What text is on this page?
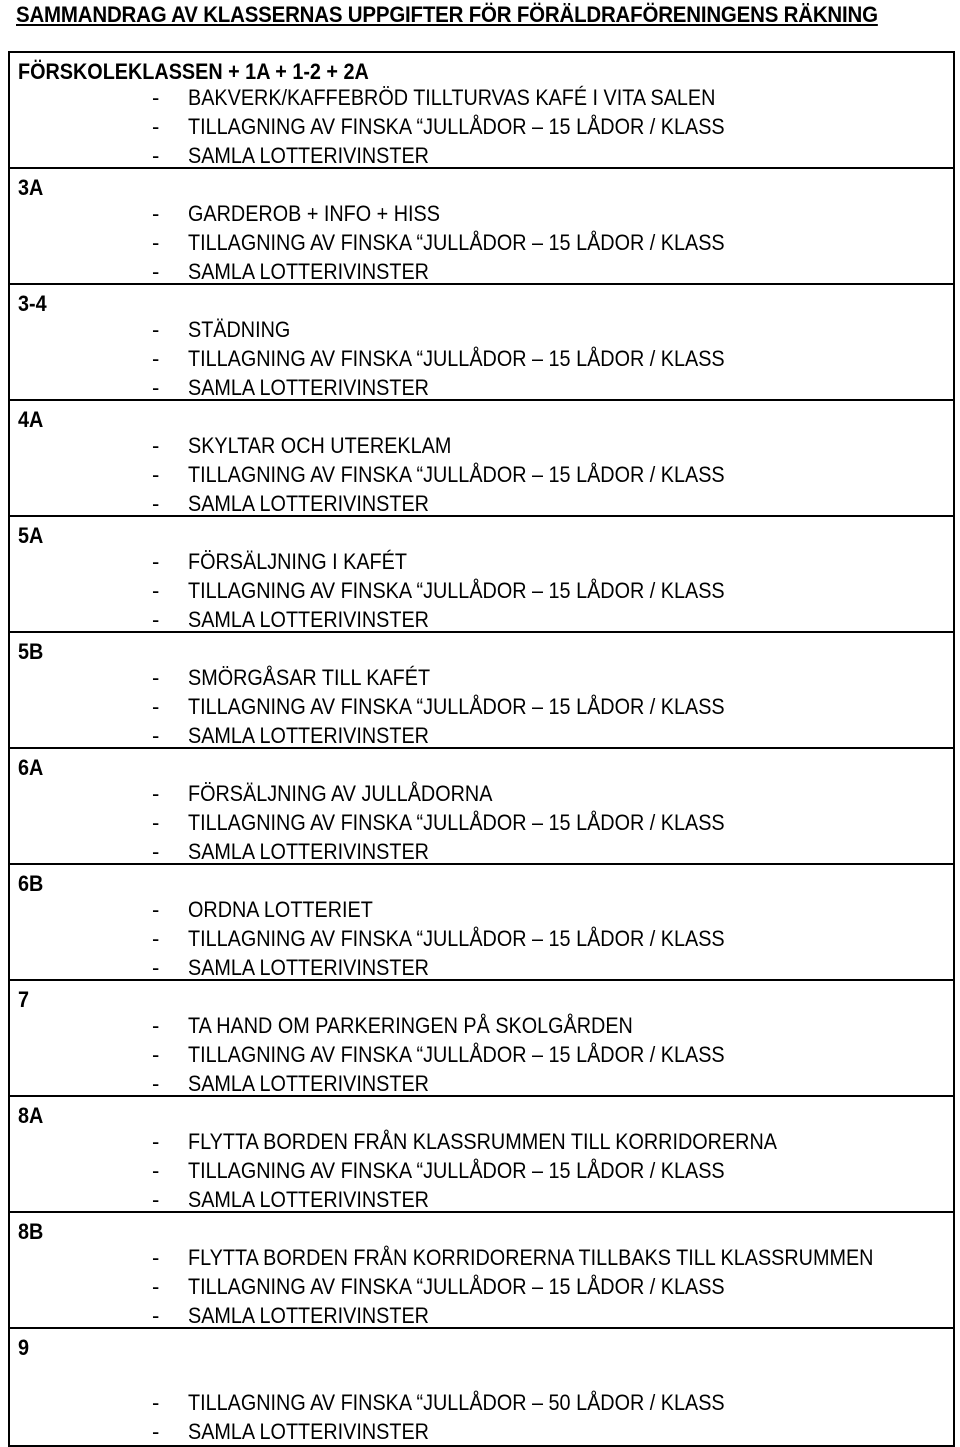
SAMMANDRAG AV KLASSERNAS UPPGIFTER FÖR FÖRÄLDRAFÖRENINGENS RÄKNING
FÖRSKOLEKLASSEN + 1A + 1-2 + 2A
- BAKVERK/KAFFEBRÖD TILLTURVAS KAFÉ I VITA SALEN
- TILLAGNING AV FINSKA “JULLÅDOR – 15 LÅDOR / KLASS
- SAMLA LOTTERIVINSTER
3A
- GARDEROB + INFO + HISS
- TILLAGNING AV FINSKA “JULLÅDOR – 15 LÅDOR / KLASS
- SAMLA LOTTERIVINSTER
3-4
- STÄDNING
- TILLAGNING AV FINSKA “JULLÅDOR – 15 LÅDOR / KLASS
- SAMLA LOTTERIVINSTER
4A
- SKYLTAR OCH UTEREKLAM
- TILLAGNING AV FINSKA “JULLÅDOR – 15 LÅDOR / KLASS
- SAMLA LOTTERIVINSTER
5A
- FÖRSÄLJNING I KAFÉT
- TILLAGNING AV FINSKA “JULLÅDOR – 15 LÅDOR / KLASS
- SAMLA LOTTERIVINSTER
5B
- SMÖRGÅSAR TILL KAFÉT
- TILLAGNING AV FINSKA “JULLÅDOR – 15 LÅDOR / KLASS
- SAMLA LOTTERIVINSTER
6A
- FÖRSÄLJNING AV JULLÅDORNA
- TILLAGNING AV FINSKA “JULLÅDOR – 15 LÅDOR / KLASS
- SAMLA LOTTERIVINSTER
6B
- ORDNA LOTTERIET
- TILLAGNING AV FINSKA “JULLÅDOR – 15 LÅDOR / KLASS
- SAMLA LOTTERIVINSTER
7
- TA HAND OM PARKERINGEN PÅ SKOLGÅRDEN
- TILLAGNING AV FINSKA “JULLÅDOR – 15 LÅDOR / KLASS
- SAMLA LOTTERIVINSTER
8A
- FLYTTA BORDEN FRÅN KLASSRUMMEN TILL KORRIDORERNA
- TILLAGNING AV FINSKA “JULLÅDOR – 15 LÅDOR / KLASS
- SAMLA LOTTERIVINSTER
8B
- FLYTTA BORDEN FRÅN KORRIDORERNA TILLBAKS TILL KLASSRUMMEN
- TILLAGNING AV FINSKA “JULLÅDOR – 15 LÅDOR / KLASS
- SAMLA LOTTERIVINSTER
9
- TILLAGNING AV FINSKA “JULLÅDOR – 50 LÅDOR / KLASS
- SAMLA LOTTERIVINSTER
